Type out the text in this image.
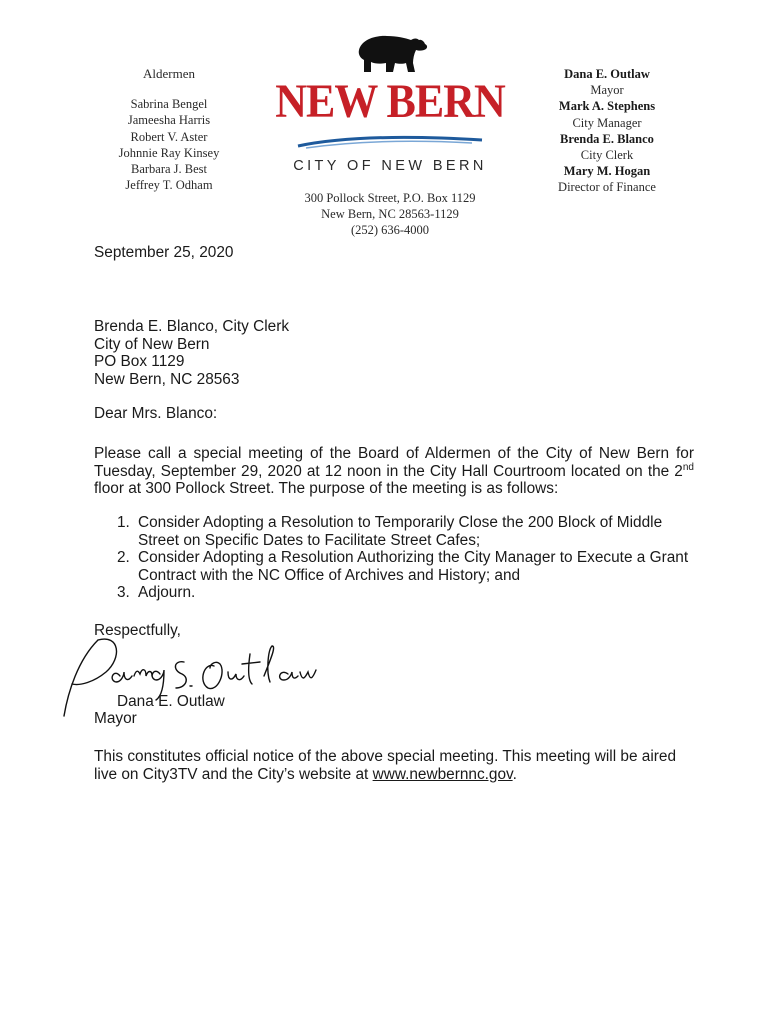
Aldermen
Sabrina Bengel
Jameesha Harris
Robert V. Aster
Johnnie Ray Kinsey
Barbara J. Best
Jeffrey T. Odham
NEW BERN
CITY OF NEW BERN
300 Pollock Street, P.O. Box 1129
New Bern, NC 28563-1129
(252) 636-4000
Dana E. Outlaw
Mayor
Mark A. Stephens
City Manager
Brenda E. Blanco
City Clerk
Mary M. Hogan
Director of Finance
September 25, 2020
Brenda E. Blanco, City Clerk
City of New Bern
PO Box 1129
New Bern, NC 28563
Dear Mrs. Blanco:
Please call a special meeting of the Board of Aldermen of the City of New Bern for Tuesday, September 29, 2020 at 12 noon in the City Hall Courtroom located on the 2nd floor at 300 Pollock Street. The purpose of the meeting is as follows:
1. Consider Adopting a Resolution to Temporarily Close the 200 Block of Middle Street on Specific Dates to Facilitate Street Cafes;
2. Consider Adopting a Resolution Authorizing the City Manager to Execute a Grant Contract with the NC Office of Archives and History; and
3. Adjourn.
Respectfully,
Dana E. Outlaw
Mayor
This constitutes official notice of the above special meeting. This meeting will be aired live on City3TV and the City’s website at www.newbernnc.gov.
